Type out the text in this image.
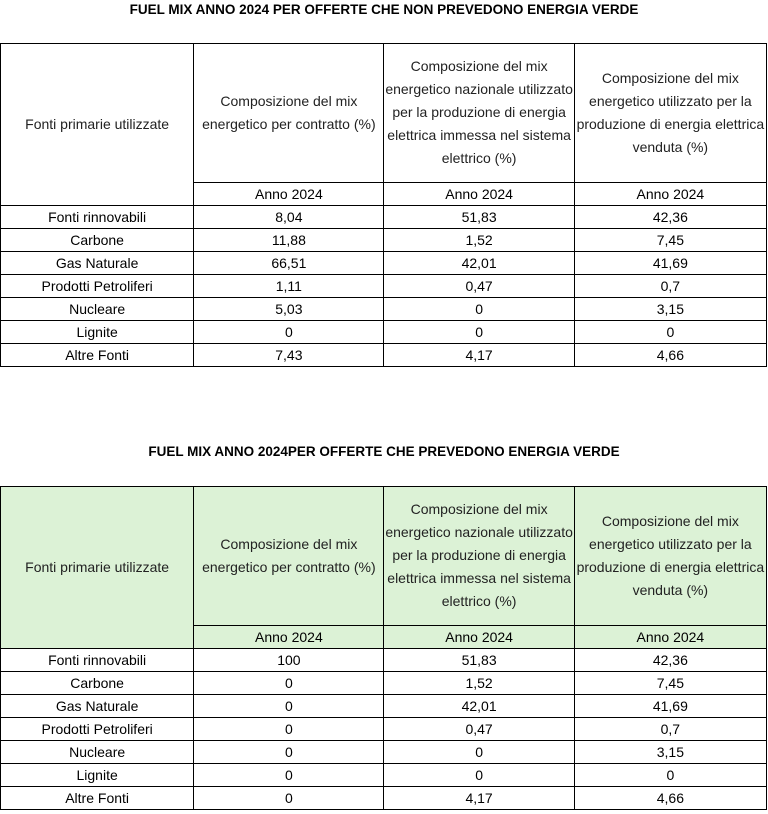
FUEL MIX ANNO 2024 PER OFFERTE CHE NON PREVEDONO ENERGIA VERDE
Fonti primarie utilizzate	Composizione del mix energetico per contratto (%)	Composizione del mix energetico nazionale utilizzato per la produzione di energia elettrica immessa nel sistema elettrico (%)	Composizione del mix energetico utilizzato per la produzione di energia elettrica venduta (%)
	Anno 2024	Anno 2024	Anno 2024
Fonti rinnovabili	8,04	51,83	42,36
Carbone	11,88	1,52	7,45
Gas Naturale	66,51	42,01	41,69
Prodotti Petroliferi	1,11	0,47	0,7
Nucleare	5,03	0	3,15
Lignite	0	0	0
Altre Fonti	7,43	4,17	4,66
FUEL MIX ANNO 2024PER OFFERTE CHE PREVEDONO ENERGIA VERDE
Fonti primarie utilizzate	Composizione del mix energetico per contratto (%)	Composizione del mix energetico nazionale utilizzato per la produzione di energia elettrica immessa nel sistema elettrico (%)	Composizione del mix energetico utilizzato per la produzione di energia elettrica venduta (%)
	Anno 2024	Anno 2024	Anno 2024
Fonti rinnovabili	100	51,83	42,36
Carbone	0	1,52	7,45
Gas Naturale	0	42,01	41,69
Prodotti Petroliferi	0	0,47	0,7
Nucleare	0	0	3,15
Lignite	0	0	0
Altre Fonti	0	4,17	4,66
